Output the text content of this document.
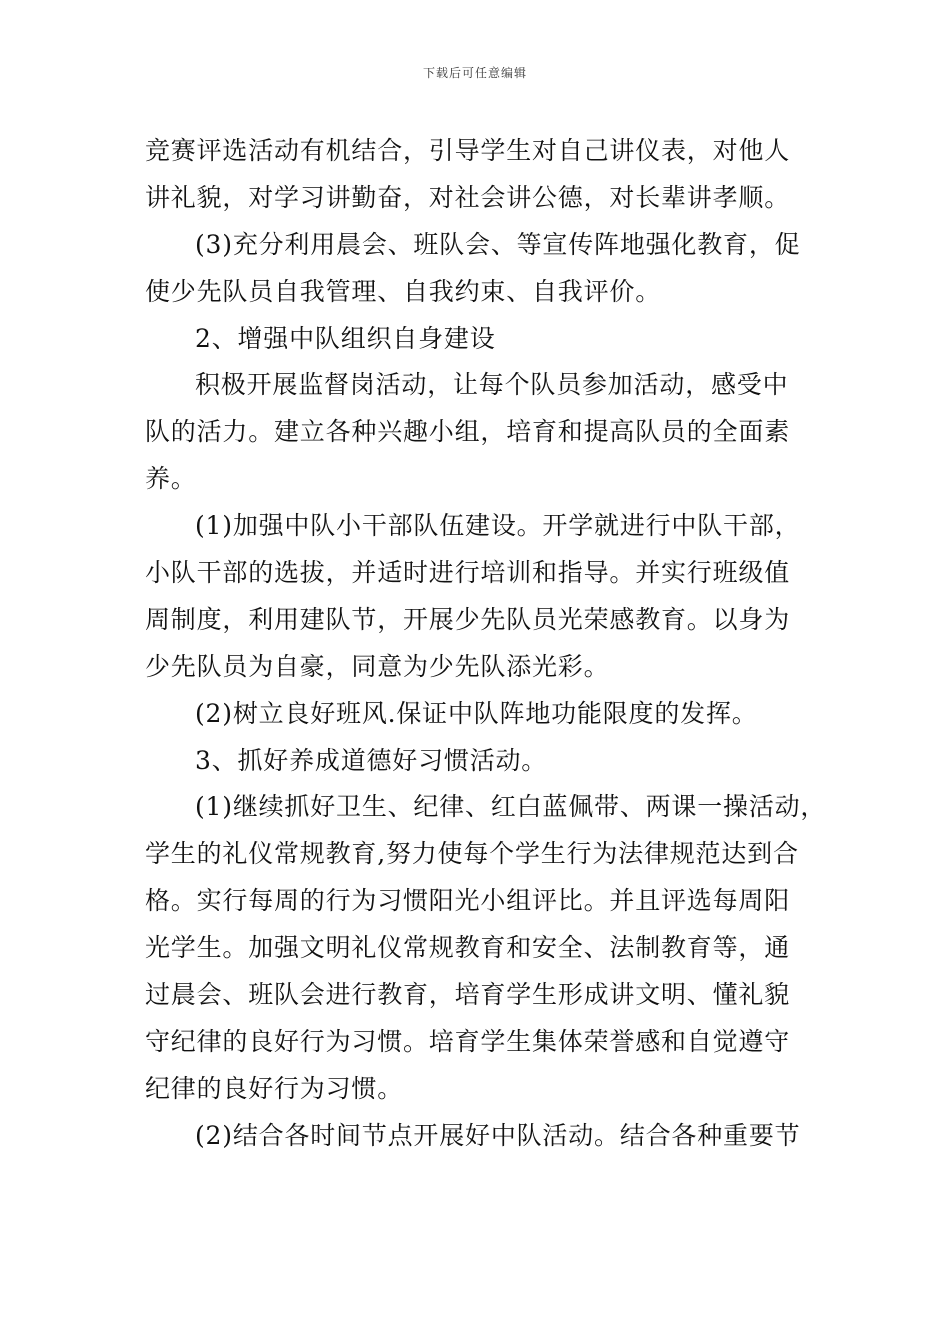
下载后可任意编辑
竞赛评选活动有机结合，引导学生对自己讲仪表，对他人
讲礼貌，对学习讲勤奋，对社会讲公德，对长辈讲孝顺。
(3)充分利用晨会、班队会、等宣传阵地强化教育，促
使少先队员自我管理、自我约束、自我评价。
2、增强中队组织自身建设
积极开展监督岗活动，让每个队员参加活动，感受中
队的活力。建立各种兴趣小组，培育和提高队员的全面素
养。
(1)加强中队小干部队伍建设。开学就进行中队干部，
小队干部的选拔，并适时进行培训和指导。并实行班级值
周制度，利用建队节，开展少先队员光荣感教育。以身为
少先队员为自豪，同意为少先队添光彩。
(2)树立良好班风.保证中队阵地功能限度的发挥。
3、抓好养成道德好习惯活动。
(1)继续抓好卫生、纪律、红白蓝佩带、两课一操活动，
学生的礼仪常规教育,努力使每个学生行为法律规范达到合
格。实行每周的行为习惯阳光小组评比。并且评选每周阳
光学生。加强文明礼仪常规教育和安全、法制教育等，通
过晨会、班队会进行教育，培育学生形成讲文明、懂礼貌
守纪律的良好行为习惯。培育学生集体荣誉感和自觉遵守
纪律的良好行为习惯。
(2)结合各时间节点开展好中队活动。结合各种重要节
